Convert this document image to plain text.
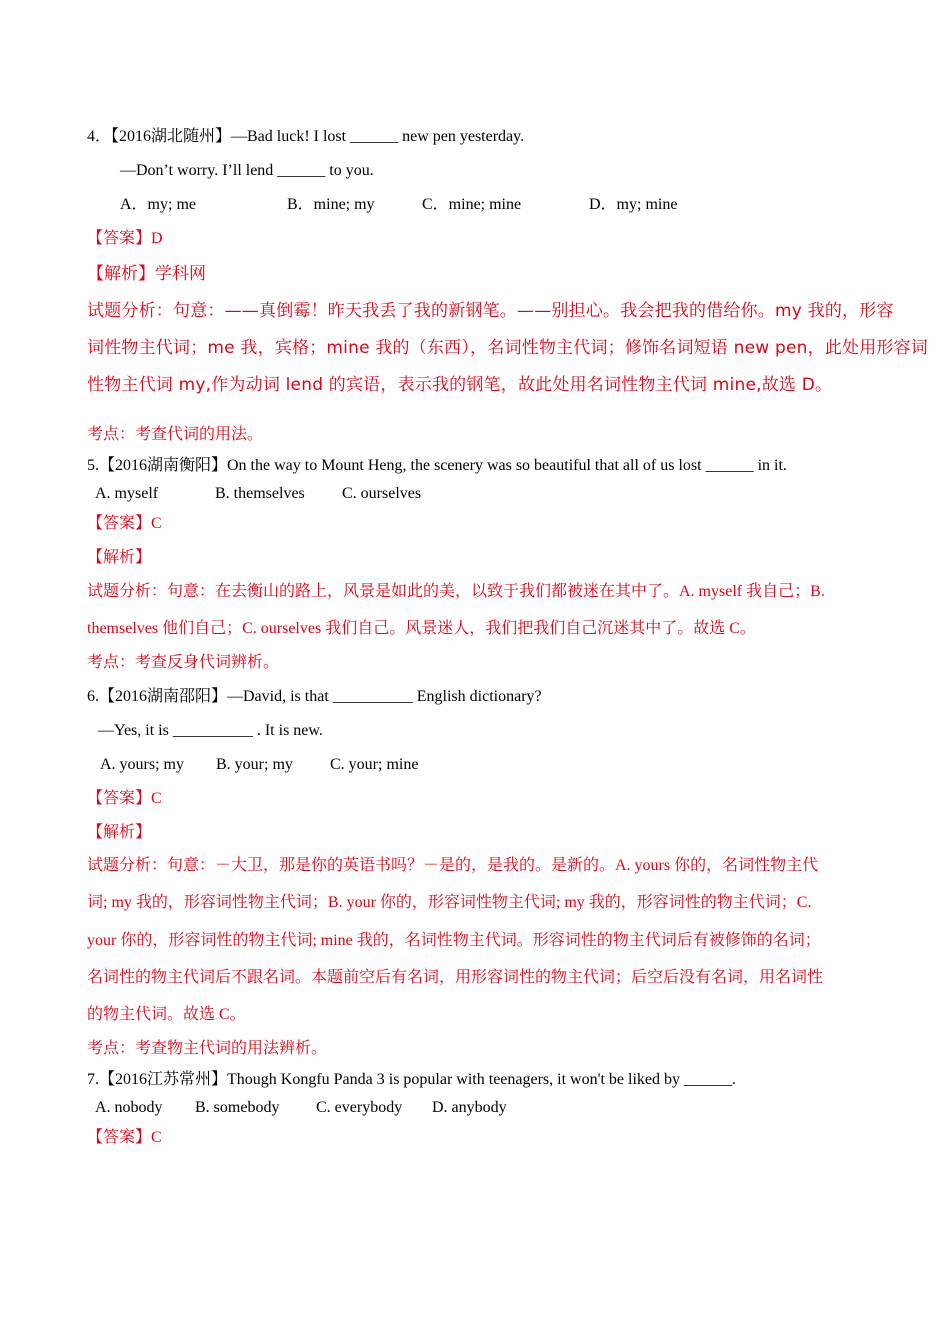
4．【2016湖北随州】—Bad luck! I lost ______ new pen yesterday.
—Don’t worry. I’ll lend ______ to you.
A．my; me	B．mine; my	C．mine; mine	D．my; mine
【答案】D
【解析】学科网
试题分析：句意：——真倒霉！昨天我丢了我的新钢笔。——别担心。我会把我的借给你。my 我的，形容
词性物主代词；me 我，宾格；mine 我的（东西），名词性物主代词；修饰名词短语 new pen，此处用形容词
性物主代词 my,作为动词 lend 的宾语，表示我的钢笔，故此处用名词性物主代词 mine,故选 D。
考点：考查代词的用法。
5.【2016湖南衡阳】On the way to Mount Heng, the scenery was so beautiful that all of us lost ______ in it.
A. myself	B. themselves C. ourselves
【答案】C
【解析】
试题分析：句意：在去衡山的路上，风景是如此的美，以致于我们都被迷在其中了。A. myself 我自己；B.
themselves 他们自己；C. ourselves 我们自己。风景迷人，我们把我们自己沉迷其中了。故选 C。
考点：考查反身代词辨析。
6.【2016湖南邵阳】—David, is that __________ English dictionary?
—Yes, it is __________ . It is new.
A. yours; my B. your; my C. your; mine
【答案】C
【解析】
试题分析：句意：－大卫，那是你的英语书吗？－是的，是我的。是新的。A. yours 你的，名词性物主代
词; my 我的，形容词性物主代词；B. your 你的，形容词性物主代词; my 我的，形容词性的物主代词；C.
your 你的，形容词性的物主代词; mine 我的，名词性物主代词。形容词性的物主代词后有被修饰的名词；
名词性的物主代词后不跟名词。本题前空后有名词，用形容词性的物主代词；后空后没有名词，用名词性
的物主代词。故选 C。
考点：考查物主代词的用法辨析。
7.【2016江苏常州】Though Kongfu Panda 3 is popular with teenagers, it won't be liked by ______.
A. nobody B. somebody C. everybody D. anybody
【答案】C
